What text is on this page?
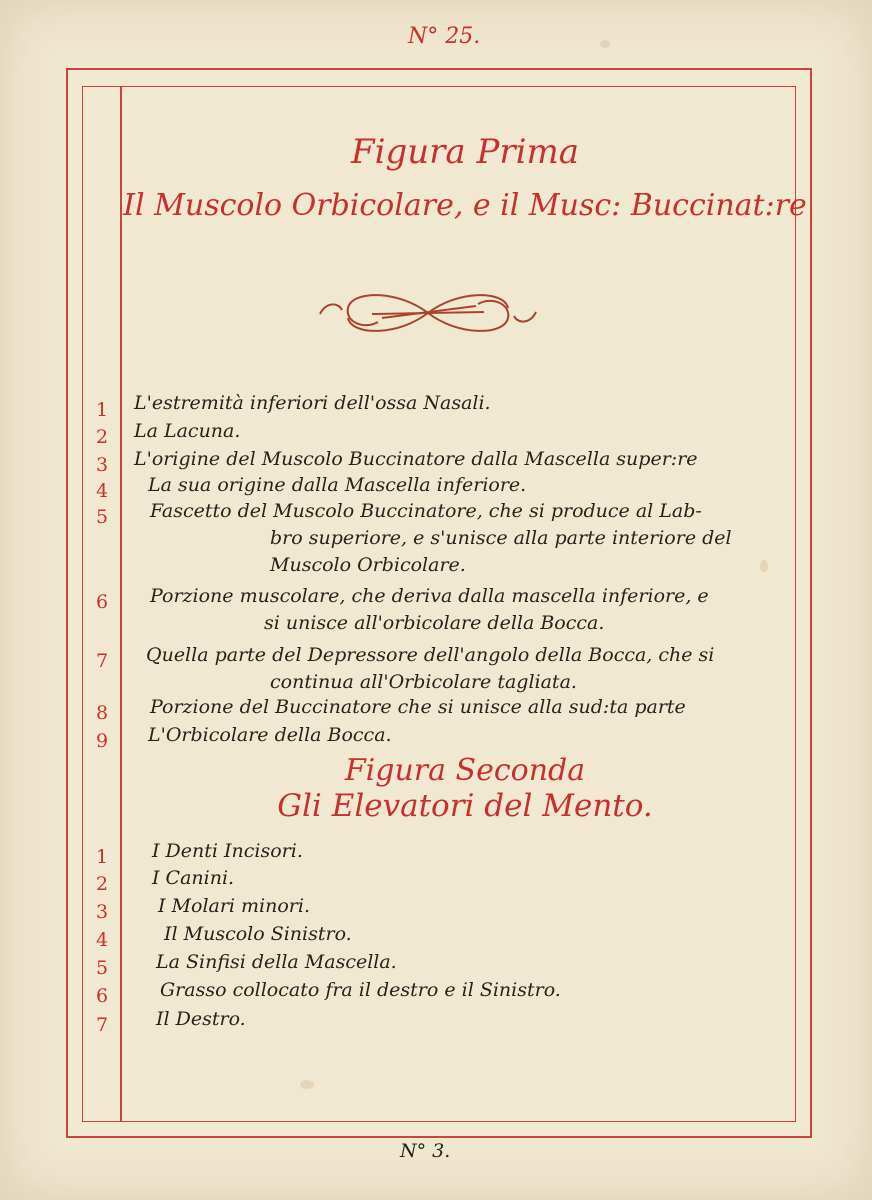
N° 25.
Figura Prima
Il Muscolo Orbicolare, e il Musc: Buccinat:re
1	L'estremità inferiori dell'ossa Nasali.
2	La Lacuna.
3	L'origine del Muscolo Buccinatore dalla Mascella super:re
4	La sua origine dalla Mascella inferiore.
5	Fascetto del Muscolo Buccinatore, che si produce al Lab-
bro superiore, e s'unisce alla parte interiore del
Muscolo Orbicolare.
6	Porzione muscolare, che deriva dalla mascella inferiore, e
si unisce all'orbicolare della Bocca.
7	Quella parte del Depressore dell'angolo della Bocca, che si
continua all'Orbicolare tagliata.
8	Porzione del Buccinatore che si unisce alla sud:ta parte
9	L'Orbicolare della Bocca.
Figura Seconda
Gli Elevatori del Mento.
1	I Denti Incisori.
2	I Canini.
3	I Molari minori.
4	Il Muscolo Sinistro.
5	La Sinfisi della Mascella.
6	Grasso collocato fra il destro e il Sinistro.
7	Il Destro.
N° 3.
